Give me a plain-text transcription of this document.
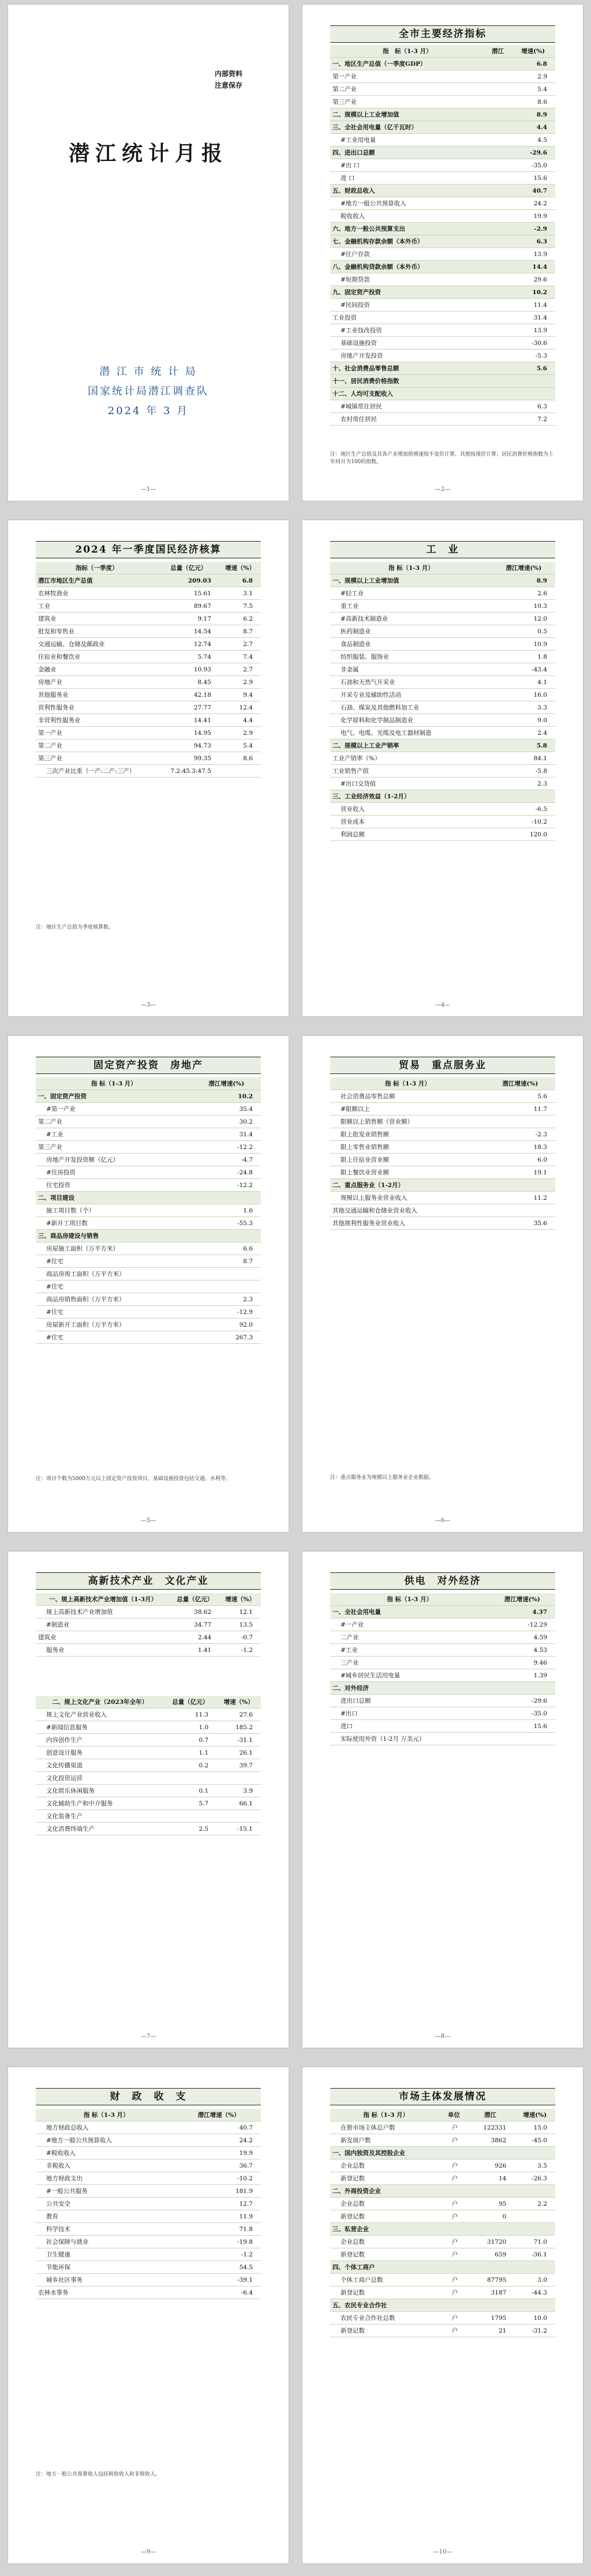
内部资料
注意保存
潜江统计月报
潜 江 市 统 计 局
国家统计局潜江调查队
2024 年 3 月
—1—
全市主要经济指标
指　标（1-3 月）	潜江	增速(%)
一、地区生产总值（一季度GDP）		6.8
第一产业		2.9
第二产业		5.4
第三产业		8.6
二、规模以上工业增加值		8.9
三、全社会用电量（亿千瓦时）		4.4
#工业用电量		4.5
四、进出口总额		-29.6
#出 口		-35.0
进 口		15.6
五、财政总收入		40.7
#地方一般公共预算收入		24.2
税收收入		19.9
六、地方一般公共预算支出		-2.9
七、金融机构存款余额（本外币）		6.3
#住户存款		13.9
八、金融机构贷款余额（本外币）		14.4
#短期贷款		29.6
九、固定资产投资		10.2
#民间投资		11.4
工业投资		31.4
#工业技改投资		13.9
基础设施投资		-30.6
房地产开发投资		-5.3
十、社会消费品零售总额		5.6
十一、居民消费价格指数		
十二、人均可支配收入		
#城镇常住居民		6.3
农村常住居民		7.2
注：地区生产总值及其各产业增加值增速按不变价计算，其他按现价计算；居民消费价格指数为上年同月为100的指数。
—2—
2024 年一季度国民经济核算
指标（一季度）	总量（亿元）	增速（%）
潜江市地区生产总值	209.03	6.8
农林牧渔业	15.61	3.1
工业	89.67	7.5
建筑业	9.17	6.2
批发和零售业	14.54	8.7
交通运输、仓储及邮政业	12.74	2.7
住宿业和餐饮业	5.74	7.4
金融业	10.93	2.7
房地产业	8.45	2.9
其他服务业	42.18	9.4
营利性服务业	27.77	12.4
非营利性服务业	14.41	4.4
第一产业	14.95	2.9
第二产业	94.73	5.4
第三产业	99.35	8.6
三次产业比重（一产:二产:三产）	7.2:45.3:47.5	
注：地区生产总值为季度核算数。
—3—
工　业
指 标（1-3 月）	潜江增速(%)
一、规模以上工业增加值	8.9
#轻工业	2.6
重工业	10.3
#高新技术制造业	12.0
医药制造业	0.5
食品制造业	10.9
纺织服装、服饰业	1.8
非金属	-43.4
石油和天然气开采业	4.1
开采专业及辅助性活动	16.0
石油、煤炭及其他燃料加工业	3.3
化学原料和化学制品制造业	9.0
电气、电缆、光缆及电工器材制造	2.4
二、规模以上工业产销率	5.8
工业产销率（%）	84.1
工业销售产值	-5.8
#出口交货值	2.3
三、工业经济效益（1-2月）	
营业收入	-6.5
营业成本	-10.2
利润总额	120.0
—4—
固定资产投资　房地产
指 标（1-3 月）	潜江增速(%)
一、固定资产投资	10.2
#第一产业	35.4
第二产业	30.2
#工业	31.4
第三产业	-12.2
房地产开发投资额（亿元）	-4.7
#住房投资	-24.8
住宅投资	-12.2
二、项目建设	
施工项目数（个）	1.6
#新开工项目数	-55.3
三、商品房建设与销售	
房屋施工面积（万平方米）	6.6
#住宅	8.7
商品房竣工面积（万平方米）	
#住宅	
商品房销售面积（万平方米）	2.3
#住宅	-12.9
房屋新开工面积（万平方米）	92.0
#住宅	267.3
注：项目个数为5000万元以上固定资产投资项目，基础设施投资包括交通、水利等。
—5—
贸易　重点服务业
指 标（1-3 月）	潜江增速(%)
社会消费品零售总额	5.6
#限额以上	11.7
限额以上销售额（营业额）	
限上批发业销售额	-2.3
限上零售业销售额	18.3
限上住宿业营业额	6.0
限上餐饮业营业额	19.1
二、重点服务业（1-2月）	
规模以上服务业营业收入	11.2
其他交通运输和仓储业营业收入	
其他规利性服务业营业收入	35.6
注：重点服务业为规模以上服务业企业数据。
—6—
高新技术产业　文化产业
一、规上高新技术产业增加值（1-3月）	总量（亿元）	增速（%）
规上高新技术产业增加值	38.62	12.1
#制造业	34.77	13.5
建筑业	2.44	-0.7
服务业	1.41	-1.2
二、规上文化产业（2023年全年）	总量（亿元）	增速（%）
规上文化产业营业收入	11.3	27.6
#新闻信息服务	1.0	185.2
内容创作生产	0.7	-31.1
创意设计服务	1.1	26.1
文化传播渠道	0.2	39.7
文化投资运营		
文化娱乐休闲服务	0.1	3.9
文化辅助生产和中介服务	5.7	66.1
文化装备生产		
文化消费终端生产	2.5	-15.1
—7—
供电　对外经济
指 标（1-3 月）	潜江增速(%)
一、全社会用电量	4.37
#一产业	-12.29
二产业	4.59
#工业	4.53
三产业	9.46
#城乡居民生活用电量	1.39
二、对外经济	
进出口总额	-29.6
#出口	-35.0
进口	15.6
实际使用外资（1-2月 万美元）	
—8—
财　政　收　支
指 标（1-3 月）	潜江增速（%）
地方财政总收入	40.7
#地方一般公共预算收入	24.2
#税收收入	19.9
非税收入	36.7
地方财政支出	-10.2
#一般公共服务	181.9
公共安全	12.7
教育	11.9
科学技术	71.8
社会保障与就业	-19.8
卫生健康	-1.2
节能环保	54.5
城乡社区事务	-39.1
农林水事务	-6.4
注：地方一般公共预算收入包括税收收入和非税收入。
—9—
市场主体发展情况
指 标（1-3 月）	单位	潜江	增速(%)
在册市场主体总户数	户	122331	15.0
新发展户数	户	3862	-45.0
一、国内独资及其控股企业			
企业总数	户	926	3.5
新登记数	户	14	-26.3
二、外商投资企业			
企业总数	户	95	2.2
新登记数	户	0	
三、私营企业			
企业总数	户	31720	71.0
新登记数	户	659	-36.1
四、个体工商户			
个体工商户总数	户	87795	3.0
新登记数	户	3187	-44.3
五、农民专业合作社			
农民专业合作社总数	户	1795	10.0
新登记数	户	21	-31.2
—10—
